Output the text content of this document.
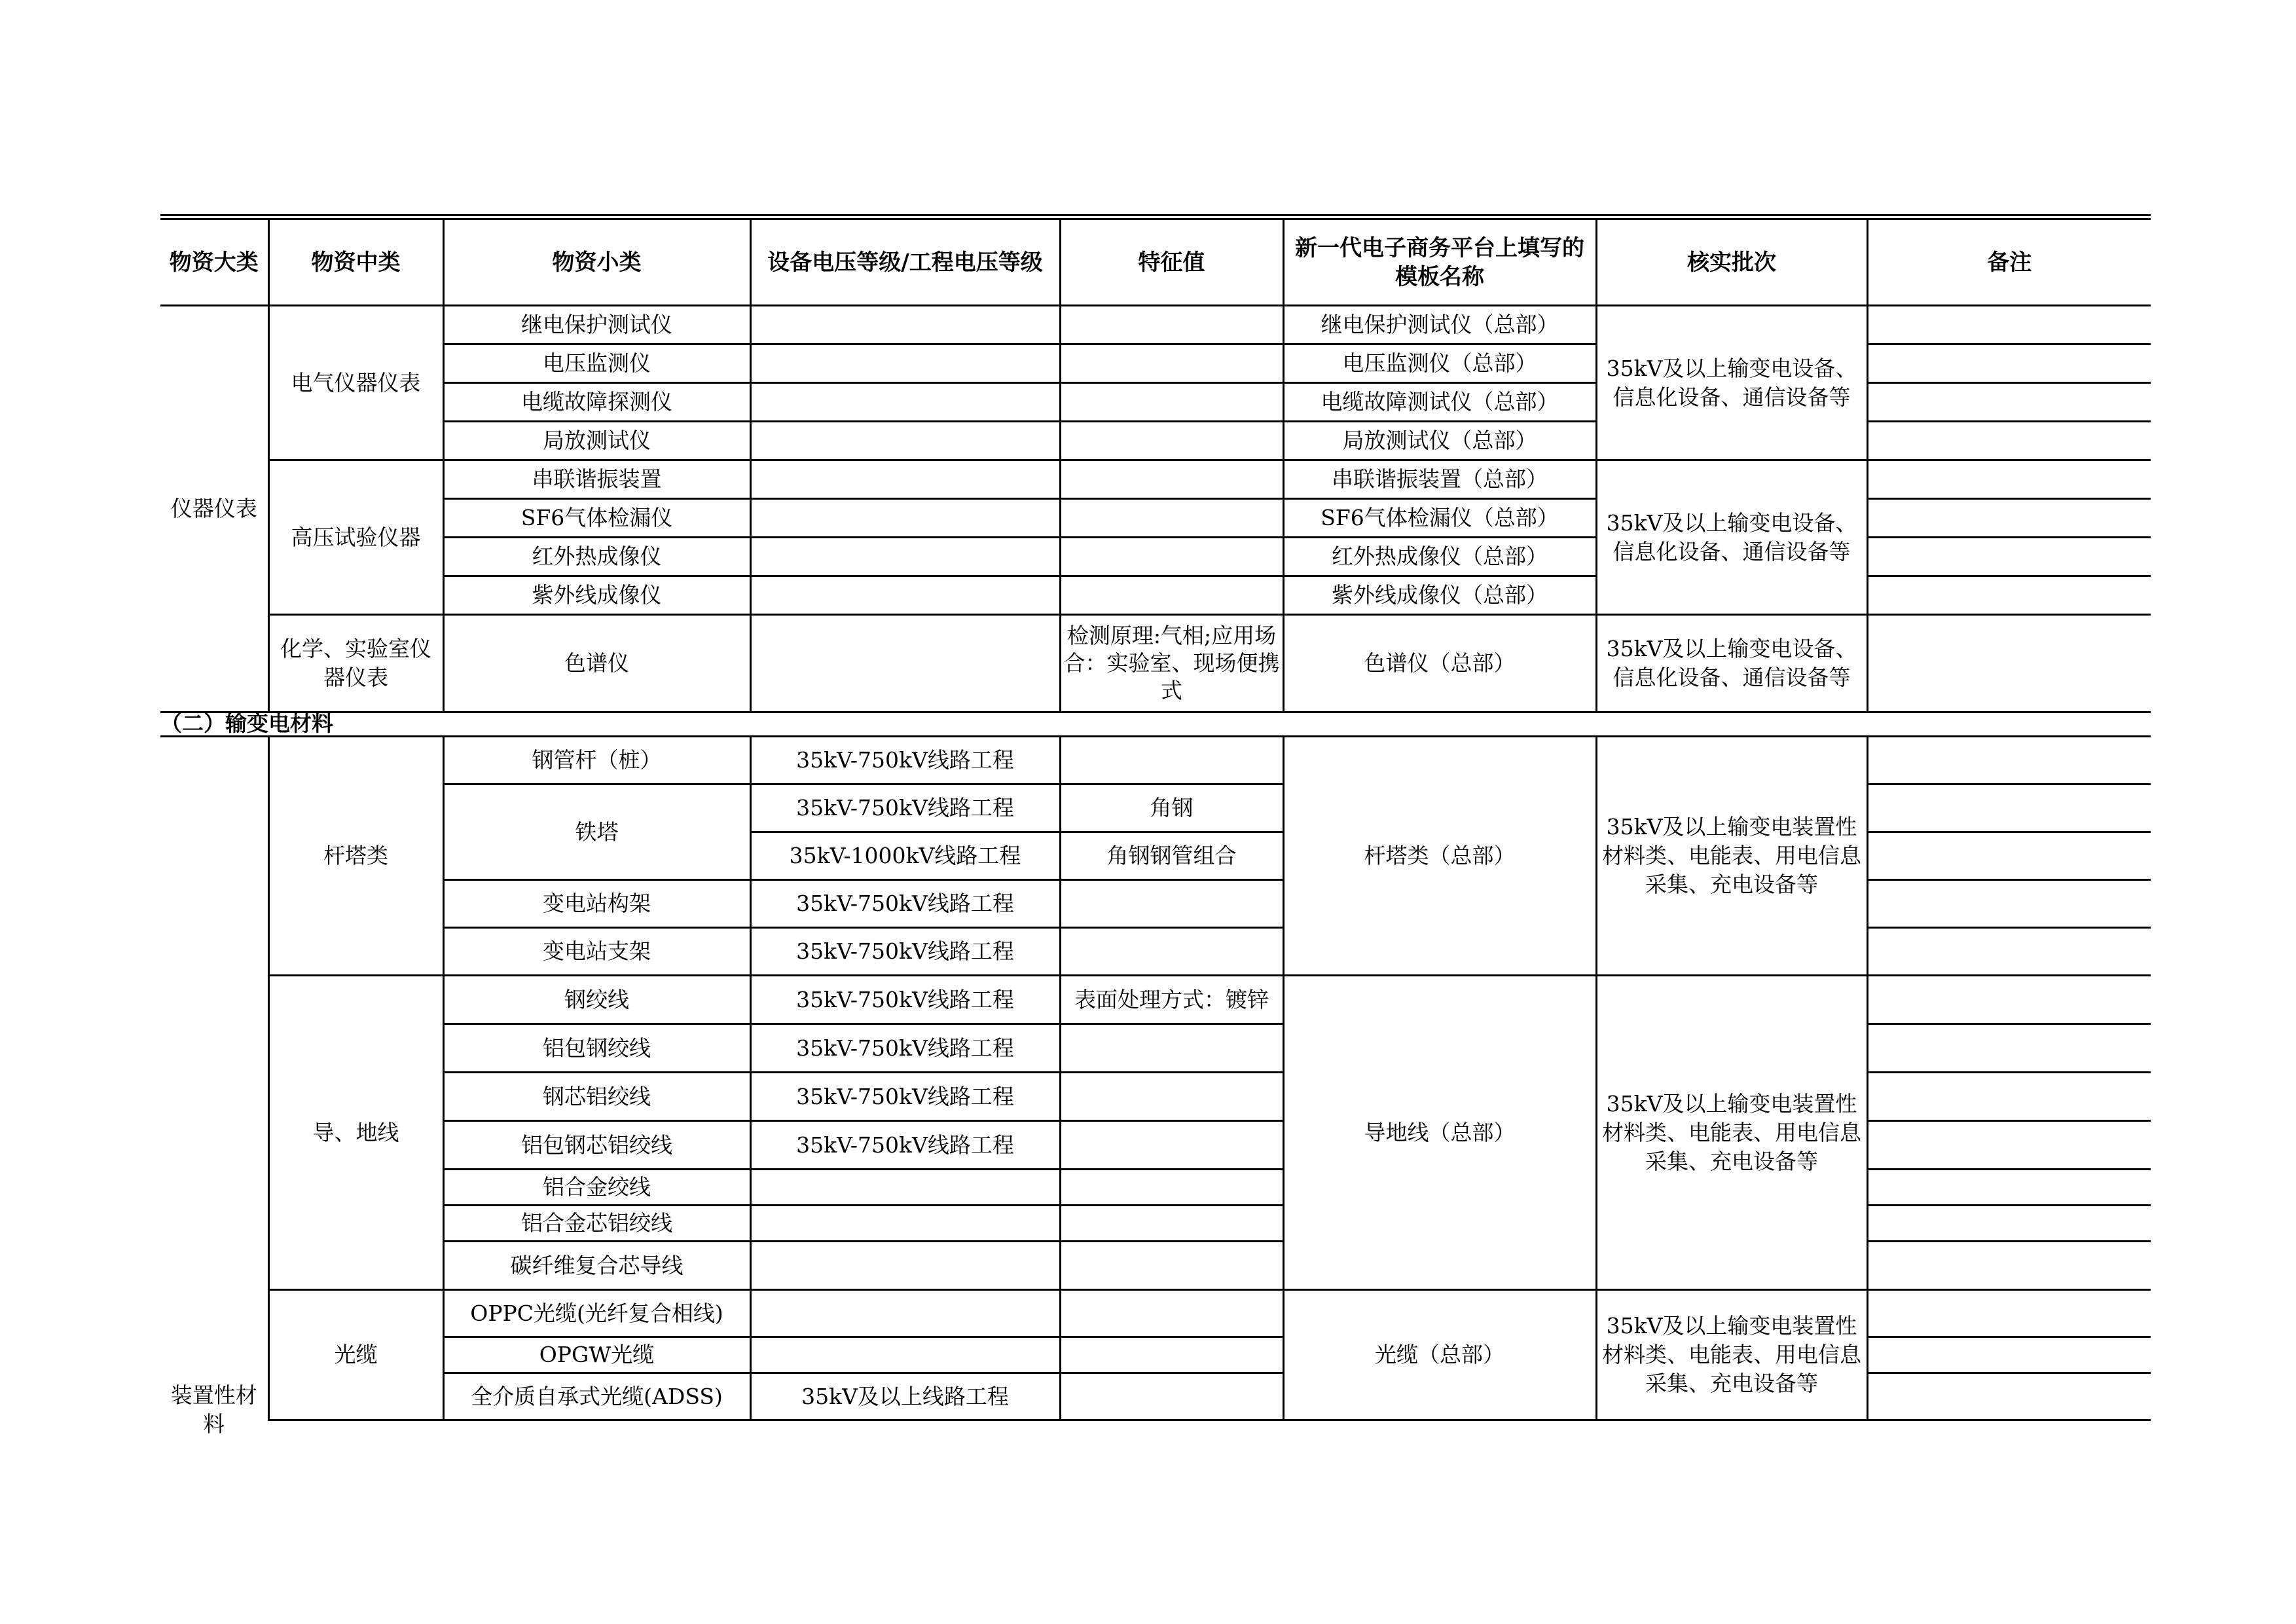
物资大类	物资中类	物资小类	设备电压等级/工程电压等级	特征值	新一代电子商务平台上填写的模板名称	核实批次	备注
仪器仪表	电气仪器仪表	继电保护测试仪			继电保护测试仪（总部）	35kV及以上输变电设备、信息化设备、通信设备等	
		电压监测仪			电压监测仪（总部）		
		电缆故障探测仪			电缆故障测试仪（总部）		
		局放测试仪			局放测试仪（总部）		
	高压试验仪器	串联谐振装置			串联谐振装置（总部）	35kV及以上输变电设备、信息化设备、通信设备等	
		SF6气体检漏仪			SF6气体检漏仪（总部）		
		红外热成像仪			红外热成像仪（总部）		
		紫外线成像仪			紫外线成像仪（总部）		
	化学、实验室仪器仪表	色谱仪		检测原理:气相;应用场合：实验室、现场便携式	色谱仪（总部）	35kV及以上输变电设备、信息化设备、通信设备等	
（二）输变电材料
装置性材料	杆塔类	钢管杆（桩）	35kV-750kV线路工程		杆塔类（总部）	35kV及以上输变电装置性材料类、电能表、用电信息采集、充电设备等	
		铁塔	35kV-750kV线路工程	角钢			
			35kV-1000kV线路工程	角钢钢管组合			
		变电站构架	35kV-750kV线路工程				
		变电站支架	35kV-750kV线路工程				
	导、地线	钢绞线	35kV-750kV线路工程	表面处理方式：镀锌	导地线（总部）	35kV及以上输变电装置性材料类、电能表、用电信息采集、充电设备等	
		铝包钢绞线	35kV-750kV线路工程				
		钢芯铝绞线	35kV-750kV线路工程				
		铝包钢芯铝绞线	35kV-750kV线路工程				
		铝合金绞线					
		铝合金芯铝绞线					
		碳纤维复合芯导线					
	光缆	OPPC光缆(光纤复合相线)			光缆（总部）	35kV及以上输变电装置性材料类、电能表、用电信息采集、充电设备等	
		OPGW光缆					
		全介质自承式光缆(ADSS)	35kV及以上线路工程				
